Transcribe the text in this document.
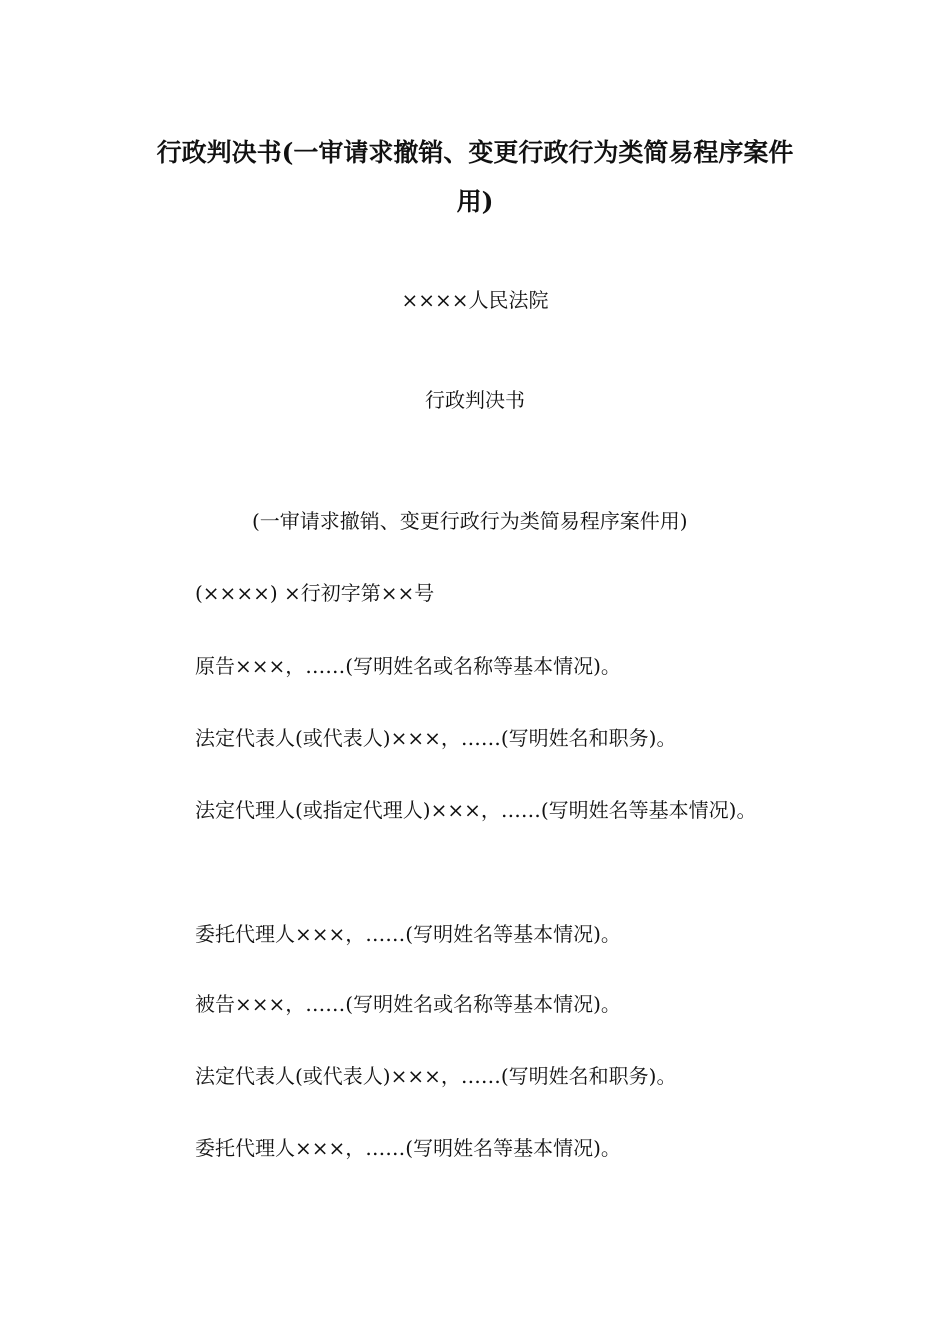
行政判决书(一审请求撤销、变更行政行为类简易程序案件用)

××××人民法院

行政判决书

(一审请求撤销、变更行政行为类简易程序案件用)

(××××) ×行初字第××号

原告×××，……(写明姓名或名称等基本情况)。

法定代表人(或代表人)×××，……(写明姓名和职务)。

法定代理人(或指定代理人)×××，……(写明姓名等基本情况)。

委托代理人×××，……(写明姓名等基本情况)。

被告×××，……(写明姓名或名称等基本情况)。

法定代表人(或代表人)×××，……(写明姓名和职务)。

委托代理人×××，……(写明姓名等基本情况)。
